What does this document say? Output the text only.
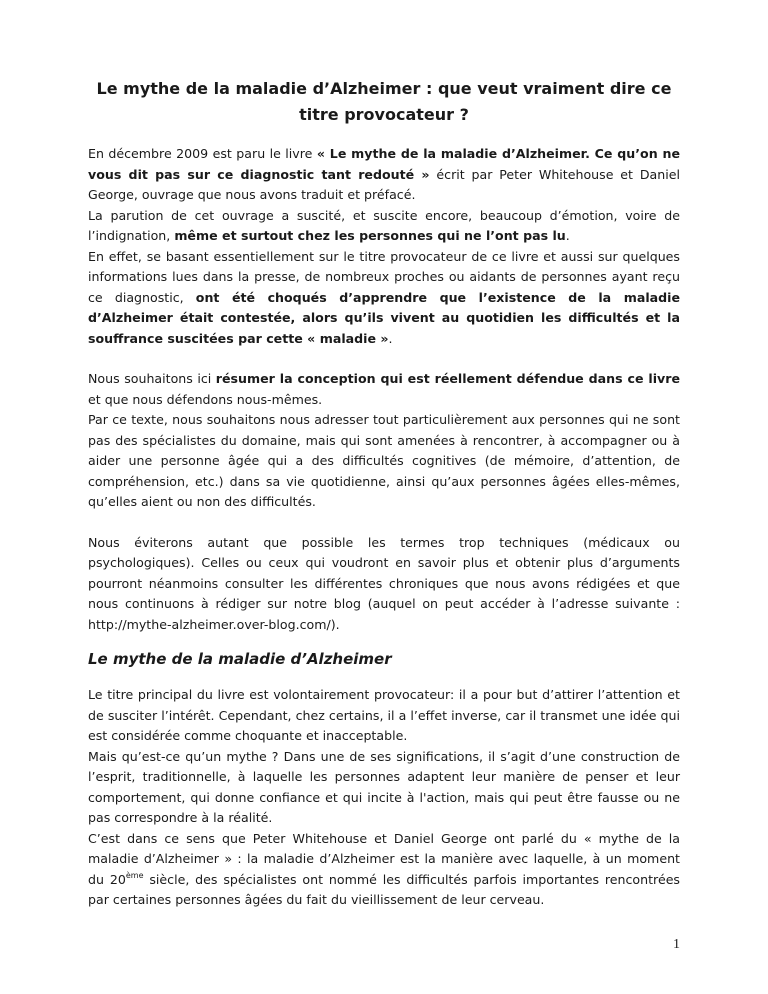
Le mythe de la maladie d’Alzheimer : que veut vraiment dire ce titre provocateur ?

En décembre 2009 est paru le livre « Le mythe de la maladie d’Alzheimer. Ce qu’on ne vous dit pas sur ce diagnostic tant redouté » écrit par Peter Whitehouse et Daniel George, ouvrage que nous avons traduit et préfacé.

La parution de cet ouvrage a suscité, et suscite encore, beaucoup d’émotion, voire de l’indignation, même et surtout chez les personnes qui ne l’ont pas lu.

En effet, se basant essentiellement sur le titre provocateur de ce livre et aussi sur quelques informations lues dans la presse, de nombreux proches ou aidants de personnes ayant reçu ce diagnostic, ont été choqués d’apprendre que l’existence de la maladie d’Alzheimer était contestée, alors qu’ils vivent au quotidien les difficultés et la souffrance suscitées par cette « maladie ».

Nous souhaitons ici résumer la conception qui est réellement défendue dans ce livre et que nous défendons nous-mêmes.

Par ce texte, nous souhaitons nous adresser tout particulièrement aux personnes qui ne sont pas des spécialistes du domaine, mais qui sont amenées à rencontrer, à accompagner ou à aider une personne âgée qui a des difficultés cognitives (de mémoire, d’attention, de compréhension, etc.) dans sa vie quotidienne, ainsi qu’aux personnes âgées elles-mêmes, qu’elles aient ou non des difficultés.

Nous éviterons autant que possible les termes trop techniques (médicaux ou psychologiques). Celles ou ceux qui voudront en savoir plus et obtenir plus d’arguments pourront néanmoins consulter les différentes chroniques que nous avons rédigées et que nous continuons à rédiger sur notre blog (auquel on peut accéder à l’adresse suivante : http://mythe-alzheimer.over-blog.com/).

Le mythe de la maladie d’Alzheimer

Le titre principal du livre est volontairement provocateur: il a pour but d’attirer l’attention et de susciter l’intérêt. Cependant, chez certains, il a l’effet inverse, car il transmet une idée qui est considérée comme choquante et inacceptable.

Mais qu’est-ce qu’un mythe ? Dans une de ses significations, il s’agit d’une construction de l’esprit, traditionnelle, à laquelle les personnes adaptent leur manière de penser et leur comportement, qui donne confiance et qui incite à l'action, mais qui peut être fausse ou ne pas correspondre à la réalité.

C’est dans ce sens que Peter Whitehouse et Daniel George ont parlé du « mythe de la maladie d’Alzheimer » : la maladie d’Alzheimer est la manière avec laquelle, à un moment du 20ème siècle, des spécialistes ont nommé les difficultés parfois importantes rencontrées par certaines personnes âgées du fait du vieillissement de leur cerveau.

1
